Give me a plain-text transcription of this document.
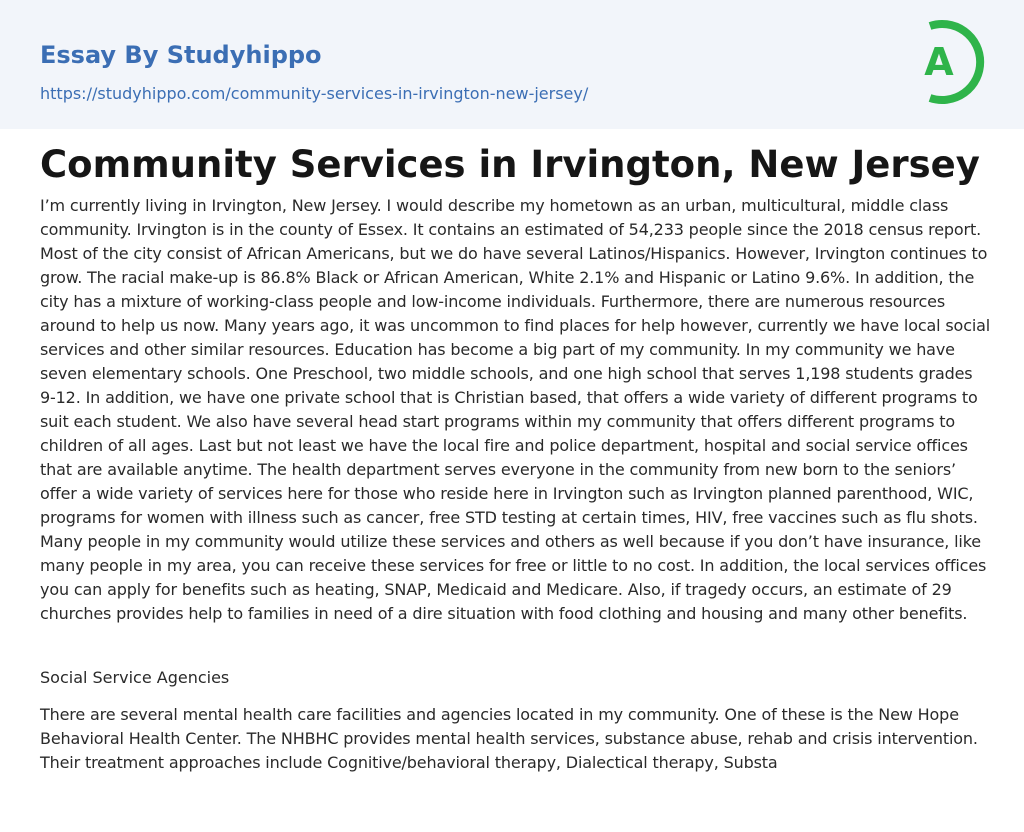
Essay By Studyhippo
https://studyhippo.com/community-services-in-irvington-new-jersey/
A
Community Services in Irvington, New Jersey

I’m currently living in Irvington, New Jersey. I would describe my hometown as an urban, multicultural, middle class community. Irvington is in the county of Essex. It contains an estimated of 54,233 people since the 2018 census report. Most of the city consist of African Americans, but we do have several Latinos/Hispanics. However, Irvington continues to grow. The racial make-up is 86.8% Black or African American, White 2.1% and Hispanic or Latino 9.6%. In addition, the city has a mixture of working-class people and low-income individuals. Furthermore, there are numerous resources around to help us now. Many years ago, it was uncommon to find places for help however, currently we have local social services and other similar resources. Education has become a big part of my community. In my community we have seven elementary schools. One Preschool, two middle schools, and one high school that serves 1,198 students grades 9-12. In addition, we have one private school that is Christian based, that offers a wide variety of different programs to suit each student. We also have several head start programs within my community that offers different programs to children of all ages. Last but not least we have the local fire and police department, hospital and social service offices that are available anytime. The health department serves everyone in the community from new born to the seniors’ offer a wide variety of services here for those who reside here in Irvington such as Irvington planned parenthood, WIC, programs for women with illness such as cancer, free STD testing at certain times, HIV, free vaccines such as flu shots. Many people in my community would utilize these services and others as well because if you don’t have insurance, like many people in my area, you can receive these services for free or little to no cost. In addition, the local services offices you can apply for benefits such as heating, SNAP, Medicaid and Medicare. Also, if tragedy occurs, an estimate of 29 churches provides help to families in need of a dire situation with food clothing and housing and many other benefits.

Social Service Agencies

There are several mental health care facilities and agencies located in my community. One of these is the New Hope Behavioral Health Center. The NHBHC provides mental health services, substance abuse, rehab and crisis intervention. Their treatment approaches include Cognitive/behavioral therapy, Dialectical therapy, Substa
